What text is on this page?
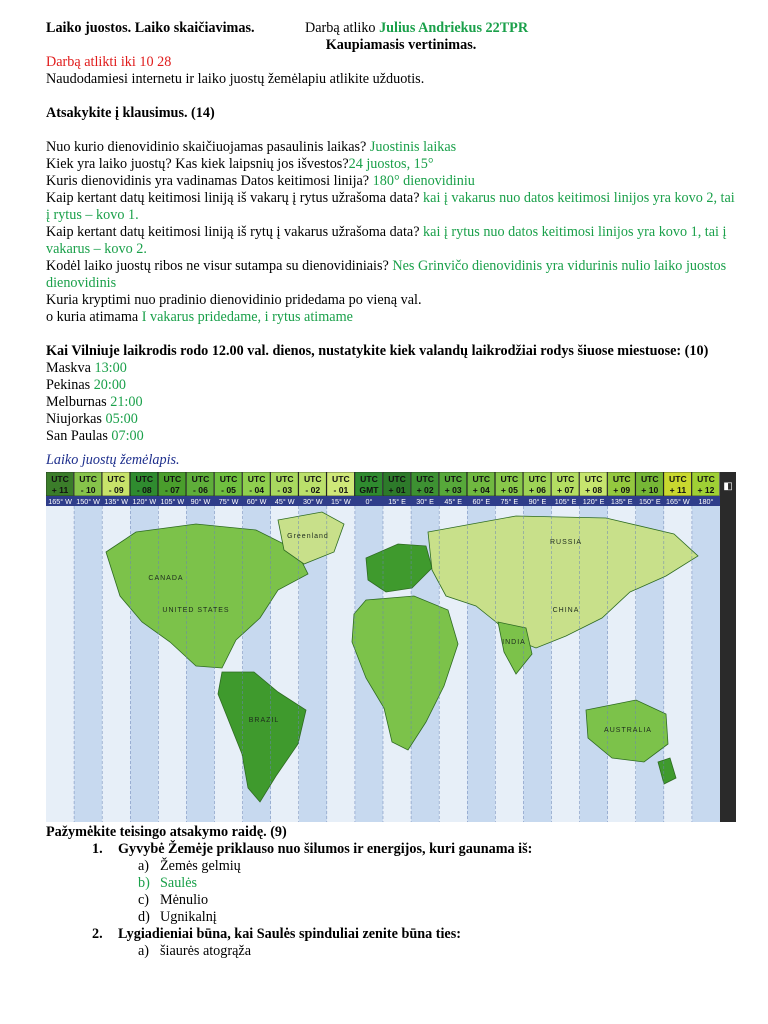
Laiko juostos. Laiko skaičiavimas.	Darbą atliko Julius Andriekus 22TPR
Kaupiamasis vertinimas.
Darbą atlikti iki 10 28
Naudodamiesi internetu ir laiko juostų žemėlapiu atlikite užduotis.
Atsakykite į klausimus. (14)
Nuo kurio dienovidinio skaičiuojamas pasaulinis laikas? Juostinis laikas
Kiek yra laiko juostų? Kas kiek laipsnių jos išvestos?24 juostos, 15°
Kuris dienovidinis yra vadinamas Datos keitimosi linija? 180° dienovidiniu
Kaip kertant datų keitimosi liniją iš vakarų į rytus užrašoma data? kai į vakarus nuo datos keitimosi linijos yra kovo 2, tai į rytus – kovo 1.
Kaip kertant datų keitimosi liniją iš rytų į vakarus užrašoma data? kai į rytus nuo datos keitimosi linijos yra kovo 1, tai į vakarus – kovo 2.
Kodėl laiko juostų ribos ne visur sutampa su dienovidiniais? Nes Grinvičo dienovidinis yra vidurinis nulio laiko juostos dienovidinis
Kuria kryptimi nuo pradinio dienovidinio pridedama po vieną val.
o kuria atimama I vakarus pridedame, i rytus atimame
Kai Vilniuje laikrodis rodo 12.00 val. dienos, nustatykite kiek valandų laikrodžiai rodys šiuose miestuose: (10)
Maskva 13:00
Pekinas 20:00
Melburnas 21:00
Niujorkas 05:00
San Paulas 07:00
Laiko juostų žemėlapis.
UTC
+ 11
UTC
- 10
UTC
- 09
UTC
- 08
UTC
- 07
UTC
- 06
UTC
- 05
UTC
- 04
UTC
- 03
UTC
- 02
UTC
- 01
UTC
GMT
UTC
+ 01
UTC
+ 02
UTC
+ 03
UTC
+ 04
UTC
+ 05
UTC
+ 06
UTC
+ 07
UTC
+ 08
UTC
+ 09
UTC
+ 10
UTC
+ 11
UTC
+ 12
165° W 150° W 135° W 120° W 105° W 90° W 75° W 60° W 45° W 30° W 15° W 0° 15° E 30° E 45° E 60° E 75° E 90° E 105° E 120° E 135° E 150° E 165° W 180°
◧
CANADA
UNITED STATES
BRAZIL
RUSSIA
CHINA
INDIA
AUSTRALIA
Greenland
Pažymėkite teisingo atsakymo raidę. (9)
1. Gyvybė Žemėje priklauso nuo šilumos ir energijos, kuri gaunama iš:
a) Žemės gelmių
b) Saulės
c) Mėnulio
d) Ugnikalnį
2. Lygiadieniai būna, kai Saulės spinduliai zenite būna ties:
a) šiaurės atogrąža
